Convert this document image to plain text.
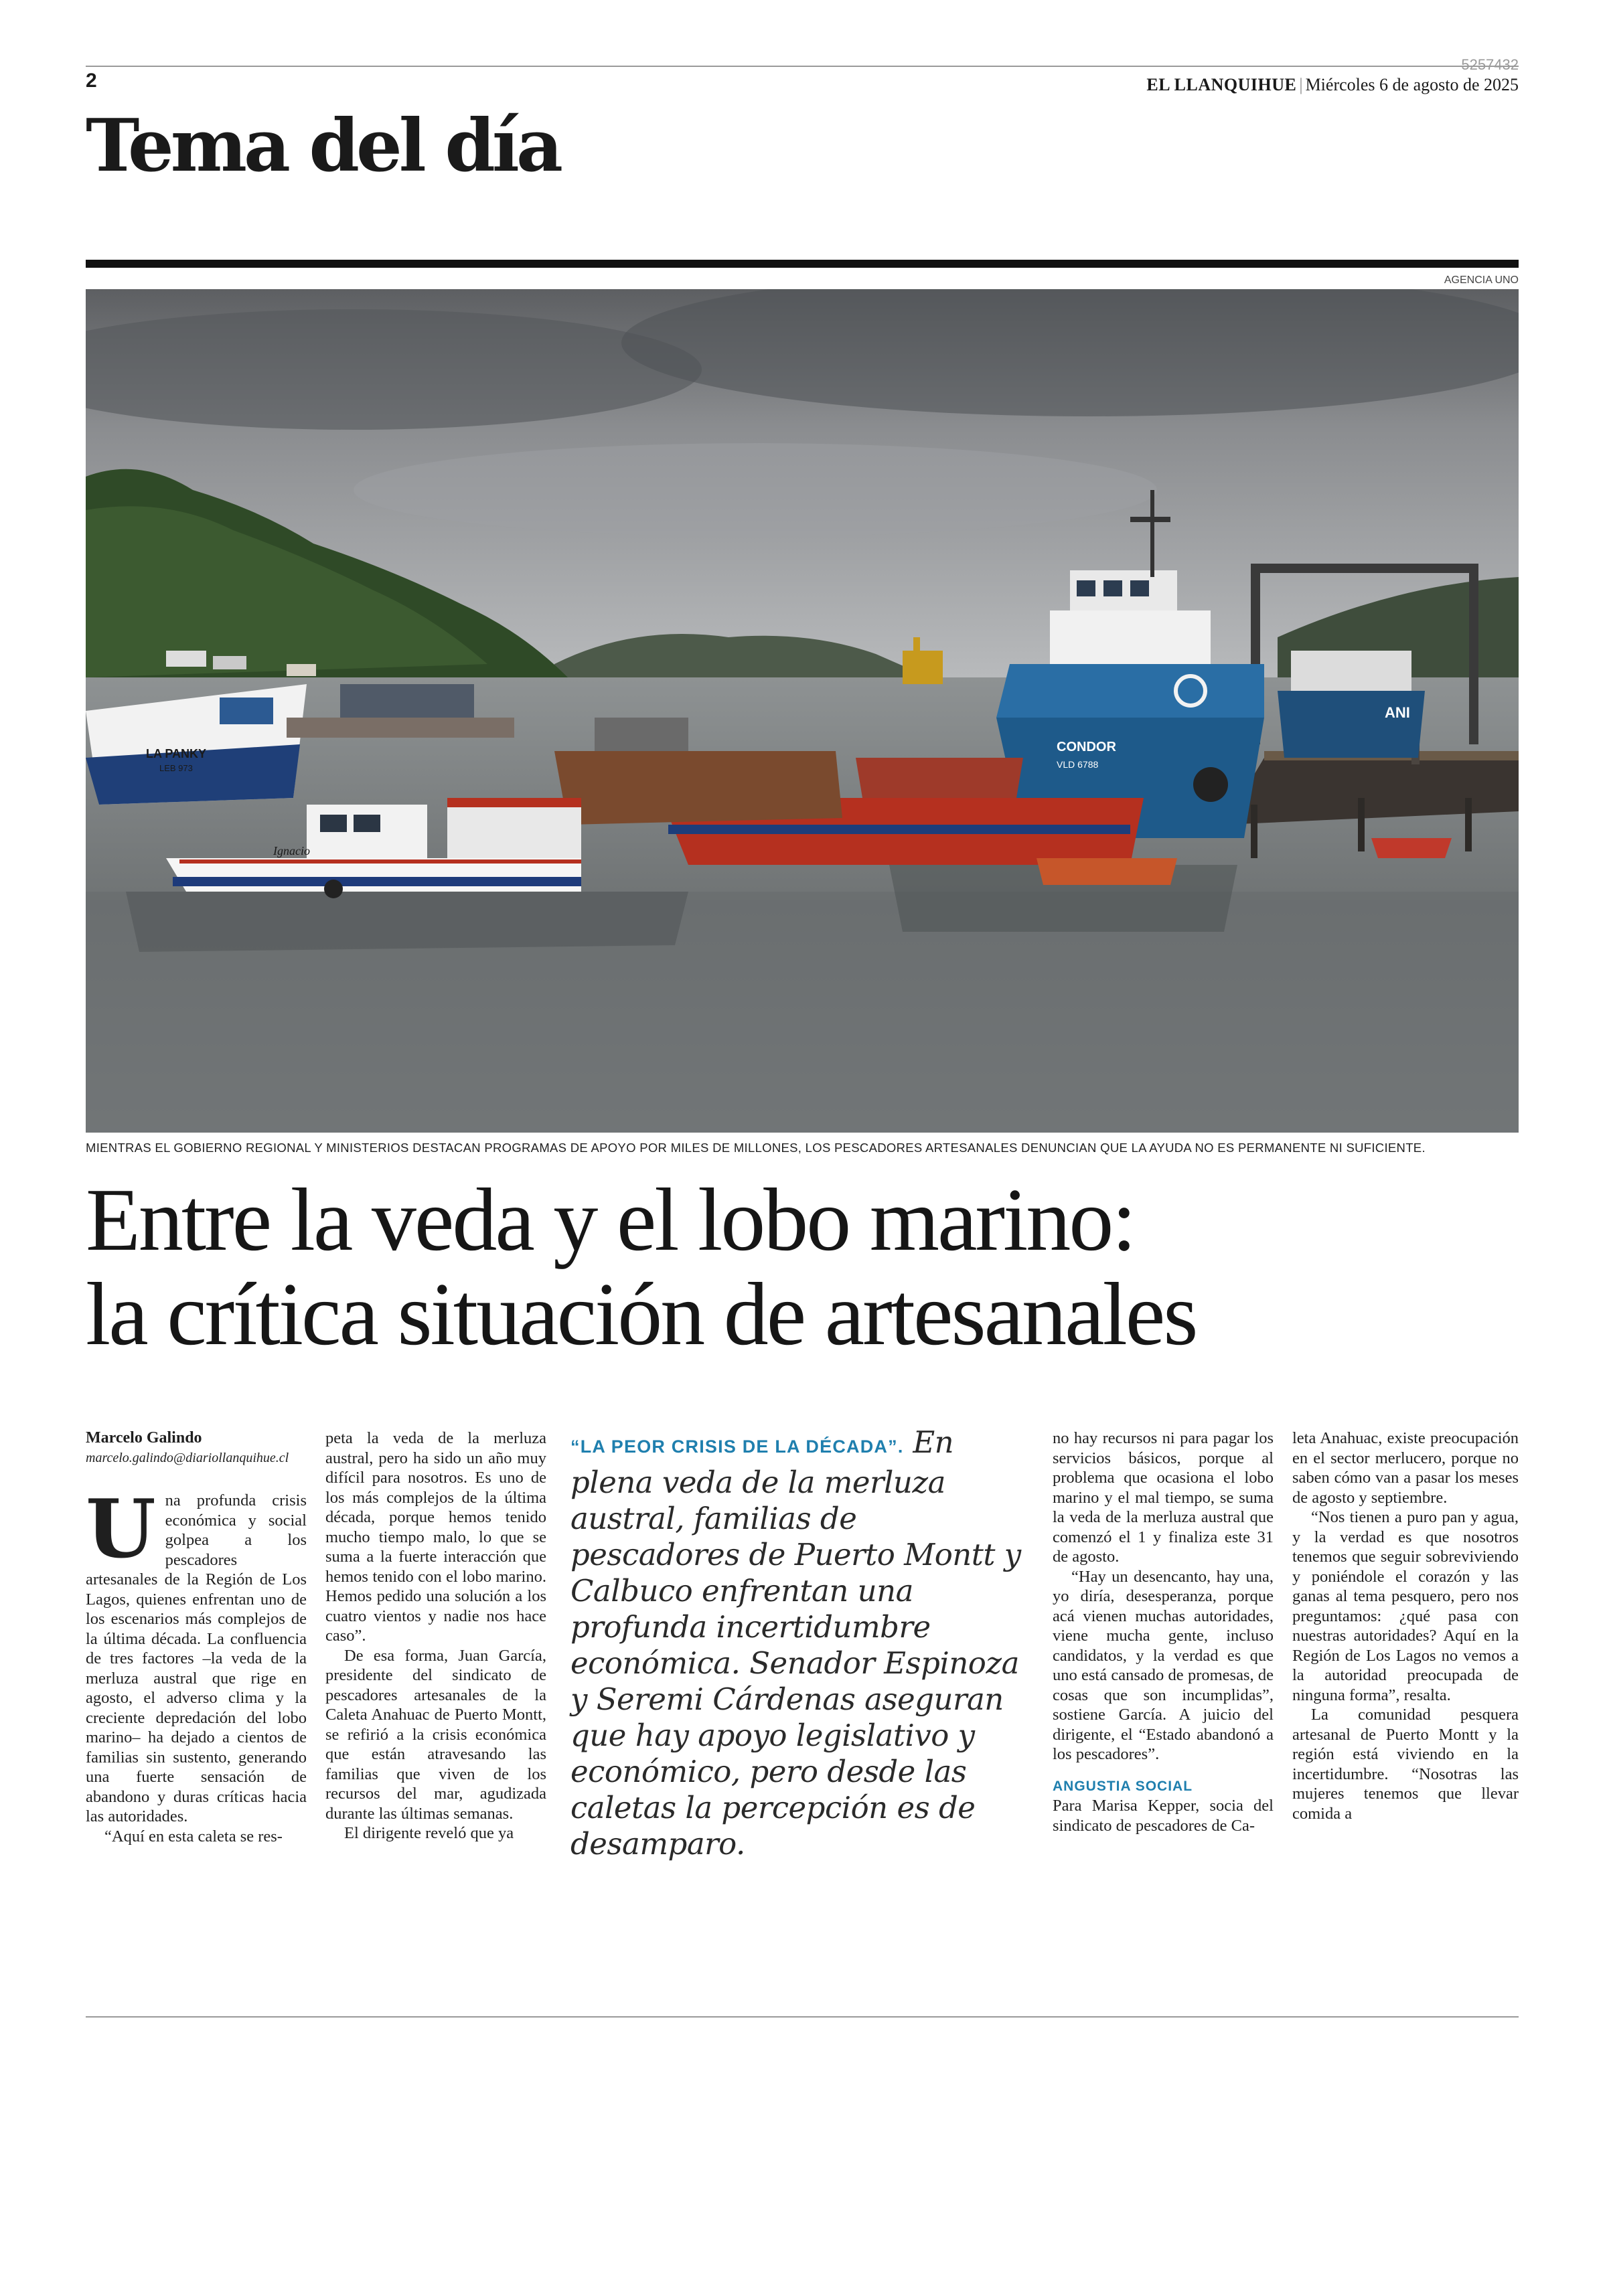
2
5257432
EL LLANQUIHUE | Miércoles 6 de agosto de 2025
Tema del día
AGENCIA UNO
CONDOR
VLD 6788
ANI
LA PANKY
LEB 973
Ignacio
MIENTRAS EL GOBIERNO REGIONAL Y MINISTERIOS DESTACAN PROGRAMAS DE APOYO POR MILES DE MILLONES, LOS PESCADORES ARTESANALES DENUNCIAN QUE LA AYUDA NO ES PERMANENTE NI SUFICIENTE.
Entre la veda y el lobo marino:
la crítica situación de artesanales
Marcelo Galindo
marcelo.galindo@diariollanquihue.cl

Una profunda crisis económica y social golpea a los pescadores artesanales de la Región de Los Lagos, quienes enfrentan uno de los escenarios más complejos de la última década. La confluencia de tres factores –la veda de la merluza austral que rige en agosto, el adverso clima y la creciente depredación del lobo marino– ha dejado a cientos de familias sin sustento, generando una fuerte sensación de abandono y duras críticas hacia las autoridades.

“Aquí en esta caleta se res-

peta la veda de la merluza austral, pero ha sido un año muy difícil para nosotros. Es uno de los más complejos de la última década, porque hemos tenido mucho tiempo malo, lo que se suma a la fuerte interacción que hemos tenido con el lobo marino. Hemos pedido una solución a los cuatro vientos y nadie nos hace caso”.

De esa forma, Juan García, presidente del sindicato de pescadores artesanales de la Caleta Anahuac de Puerto Montt, se refirió a la crisis económica que están atravesando las familias que viven de los recursos del mar, agudizada durante las últimas semanas.

El dirigente reveló que ya

“LA PEOR CRISIS DE LA DÉCADA”. En plena veda de la merluza austral, familias de pescadores de Puerto Montt y Calbuco enfrentan una profunda incertidumbre económica. Senador Espinoza y Seremi Cárdenas aseguran que hay apoyo legislativo y económico, pero desde las caletas la percepción es de desamparo.

no hay recursos ni para pagar los servicios básicos, porque al problema que ocasiona el lobo marino y el mal tiempo, se suma la veda de la merluza austral que comenzó el 1 y finaliza este 31 de agosto.

“Hay un desencanto, hay una, yo diría, desesperanza, porque acá vienen muchas autoridades, viene mucha gente, incluso candidatos, y la verdad es que uno está cansado de promesas, de cosas que son incumplidas”, sostiene García. A juicio del dirigente, el “Estado abandonó a los pescadores”.

ANGUSTIA SOCIAL

Para Marisa Kepper, socia del sindicato de pescadores de Ca-

leta Anahuac, existe preocupación en el sector merlucero, porque no saben cómo van a pasar los meses de agosto y septiembre.

“Nos tienen a puro pan y agua, y la verdad es que nosotros tenemos que seguir sobreviviendo y poniéndole el corazón y las ganas al tema pesquero, pero nos preguntamos: ¿qué pasa con nuestras autoridades? Aquí en la Región de Los Lagos no vemos a la autoridad preocupada de ninguna forma”, resalta.

La comunidad pesquera artesanal de Puerto Montt y la región está viviendo en la incertidumbre. “Nosotras las mujeres tenemos que llevar comida a
